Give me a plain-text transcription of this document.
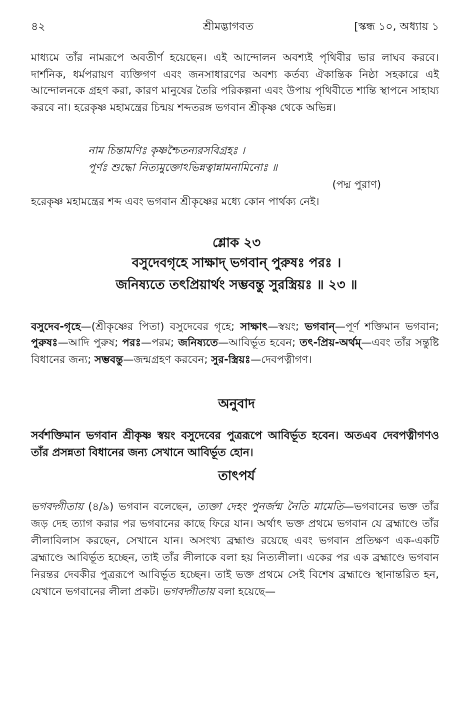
৪২	শ্রীমদ্ভাগবত	[স্কন্ধ ১০, অধ্যায় ১

মাধ্যমে তাঁর নামরূপে অবতীর্ণ হয়েছেন। এই আন্দোলন অবশ্যই পৃথিবীর ভার লাঘব করবে। দার্শনিক, ধর্মপরায়ণ ব্যক্তিগণ এবং জনসাধারণের অবশ্য কর্তব্য ঐকান্তিক নিষ্ঠা সহকারে এই আন্দোলনকে গ্রহণ করা, কারণ মানুষের তৈরি পরিকল্পনা এবং উপায় পৃথিবীতে শান্তি স্থাপনে সাহায্য করবে না। হরেকৃষ্ণ মহামন্ত্রের চিন্ময় শব্দতরঙ্গ ভগবান শ্রীকৃষ্ণ থেকে অভিন্ন।

নাম চিন্তামণিঃ কৃষ্ণশ্চৈতন্যরসবিগ্রহঃ ।

পূর্ণঃ শুদ্ধো নিত্যমুক্তোঽভিন্নত্বান্নামনামিনোঃ ॥

(পদ্ম পুরাণ)

হরেকৃষ্ণ মহামন্ত্রের শব্দ এবং ভগবান শ্রীকৃষ্ণের মধ্যে কোন পার্থক্য নেই।

শ্লোক ২৩
বসুদেবগৃহে সাক্ষাদ্ ভগবান্ পুরুষঃ পরঃ ।
জনিষ্যতে তৎপ্রিয়ার্থং সম্ভবন্তু সুরস্ত্রিয়ঃ ॥ ২৩ ॥

বসুদেব-গৃহে—(শ্রীকৃষ্ণের পিতা) বসুদেবের গৃহে; সাক্ষাৎ—স্বয়ং; ভগবান্—পূর্ণ শক্তিমান ভগবান; পুরুষঃ—আদি পুরুষ; পরঃ—পরম; জনিষ্যতে—আবির্ভূত হবেন; তৎ-প্রিয়-অর্থম্—এবং তাঁর সন্তুষ্টি বিধানের জন্য; সম্ভবন্তু—জন্মগ্রহণ করবেন; সুর-স্ত্রিয়ঃ—দেবপত্নীগণ।

অনুবাদ

সর্বশক্তিমান ভগবান শ্রীকৃষ্ণ স্বয়ং বসুদেবের পুত্ররূপে আবির্ভূত হবেন। অতএব দেবপত্নীগণও তাঁর প্রসন্নতা বিধানের জন্য সেখানে আবির্ভূত হোন।

তাৎপর্য

ভগবদ্গীতায় (৪/৯) ভগবান বলেছেন, ত্যক্তা দেহং পুনর্জন্ম নৈতি মামেতি—ভগবানের ভক্ত তাঁর জড় দেহ ত্যাগ করার পর ভগবানের কাছে ফিরে যান। অর্থাৎ ভক্ত প্রথমে ভগবান যে ব্রহ্মাণ্ডে তাঁর লীলাবিলাস করছেন, সেখানে যান। অসংখ্য ব্রহ্মাণ্ড রয়েছে এবং ভগবান প্রতিক্ষণ এক-একটি ব্রহ্মাণ্ডে আবির্ভূত হচ্ছেন, তাই তাঁর লীলাকে বলা হয় নিত্যলীলা। একের পর এক ব্রহ্মাণ্ডে ভগবান নিরন্তর দেবকীর পুত্ররূপে আবির্ভূত হচ্ছেন। তাই ভক্ত প্রথমে সেই বিশেষ ব্রহ্মাণ্ডে স্থানান্তরিত হন, যেখানে ভগবানের লীলা প্রকট। ভগবদ্গীতায় বলা হয়েছে—
